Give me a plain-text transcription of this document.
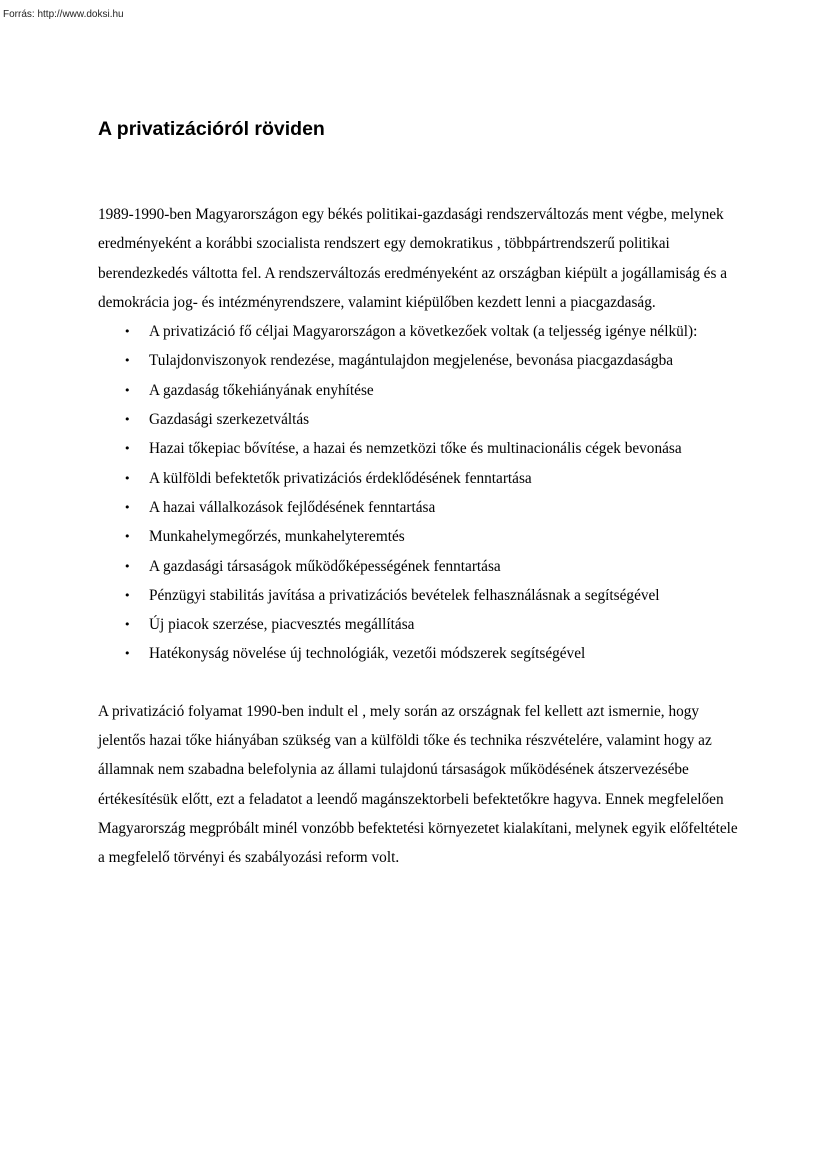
Forrás: http://www.doksi.hu
A privatizációról röviden

1989-1990-ben Magyarországon egy békés politikai-gazdasági rendszerváltozás ment végbe, melynek eredményeként a korábbi szocialista rendszert egy demokratikus , többpártrendszerű politikai berendezkedés váltotta fel. A rendszerváltozás eredményeként az országban kiépült a jogállamiság és a demokrácia jog- és intézményrendszere, valamint kiépülőben kezdett lenni a piacgazdaság.

• A privatizáció fő céljai Magyarországon a következőek voltak (a teljesség igénye nélkül):
• Tulajdonviszonyok rendezése, magántulajdon megjelenése, bevonása piacgazdaságba
• A gazdaság tőkehiányának enyhítése
• Gazdasági szerkezetváltás
• Hazai tőkepiac bővítése, a hazai és nemzetközi tőke és multinacionális cégek bevonása
• A külföldi befektetők privatizációs érdeklődésének fenntartása
• A hazai vállalkozások fejlődésének fenntartása
• Munkahelymegőrzés, munkahelyteremtés
• A gazdasági társaságok működőképességének fenntartása
• Pénzügyi stabilitás javítása a privatizációs bevételek felhasználásnak a segítségével
• Új piacok szerzése, piacvesztés megállítása
• Hatékonyság növelése új technológiák, vezetői módszerek segítségével

A privatizáció folyamat 1990-ben indult el , mely során az országnak fel kellett azt ismernie, hogy jelentős hazai tőke hiányában szükség van a külföldi tőke és technika részvételére, valamint hogy az államnak nem szabadna belefolynia az állami tulajdonú társaságok működésének átszervezésébe értékesítésük előtt, ezt a feladatot a leendő magánszektorbeli befektetőkre hagyva. Ennek megfelelően Magyarország megpróbált minél vonzóbb befektetési környezetet kialakítani, melynek egyik előfeltétele a megfelelő törvényi és szabályozási reform volt.
